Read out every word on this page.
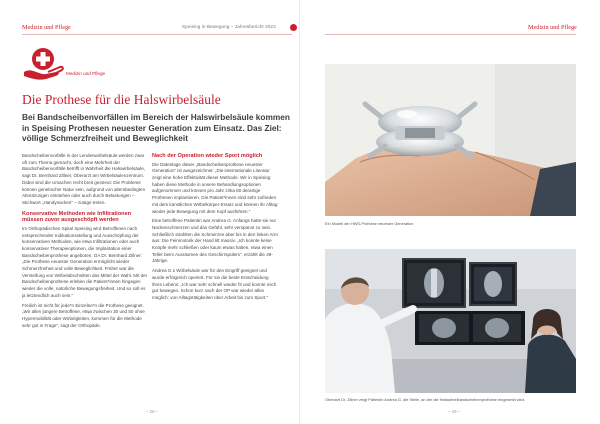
Medizin und Pflege	Speising in Bewegung – Jahresbericht 2023
Medizin und Pflege
Die Prothese für die Halswirbelsäule

Bei Bandscheibenvorfällen im Bereich der Halswirbelsäule kommen in Speising Prothesen neuester Generation zum Einsatz. Das Ziel: völlige Schmerzfreiheit und Beweglichkeit

Bandscheibenvorfälle in der Lendenwirbelsäule werden zwar oft zum Thema gemacht, doch eine Mehrheit der Bandscheibenvorfälle betrifft in Wahrheit die Halswirbelsäule, sagt Dr. Bernhard Zillner, Oberarzt am Wirbelsäulenzentrum. Dabei sind die Ursachen recht breit gestreut: Die Probleme können genetischer Natur sein, aufgrund von altersbedingten Abnützungen entstehen oder auch durch Belastungen – Stichwort „Handynacken“ – zutage treten.

Konservative Methoden wie Infiltrationen müssen zuvor ausgeschöpft werden

Im Orthopädischen Spital Speising wird Betroffenen nach entsprechender Indikationsstellung und Ausschöpfung der konservativen Methoden, wie etwa Infiltrationen oder auch konservativer Therapieoptionen, die Implantation einer Bandscheibenprothese angeboten. OA Dr. Bernhard Zillner: „Die Prothese neuester Generation ermöglicht wieder Schmerzfreiheit und volle Beweglichkeit. Früher war die Versteifung von Wirbelabschnitten das Mittel der Wahl. Mit der Bandscheibenprothese erleben die Patient*innen hingegen wieder die volle, natürliche Bewegungsfreiheit. Und so soll es ja letztendlich auch sein.“

Freilich ist nicht für jede*n Einzelne*n die Prothese geeignet. „Wir allen jüngere Betroffene, etwa zwischen 30 und 50 ohne Hypermobilität oder Wirbelgleiten, kommen für die Methode sehr gut in Frage“, sagt der Orthopäde.

Nach der Operation wieder Sport möglich

Die Datenlage dieser „Bandscheibenprothese neuester Generation“ ist ausgezeichnet: „Die internationale Literatur zeigt eine hohe Effektivität dieser Methode. Wir in Speising haben diese Methode in unsere Behandlungsoptionen aufgenommen und können pro Jahr zirka 80 derartige Prothesen implantieren. Die Patient*innen sind sehr zufrieden mit dem künstlichen Wirbelkörper-Ersatz und können ihr Alltag wieder jede Bewegung mit dem Kopf ausführen.“

Eine betroffene Patientin war Andrea G. Anfangs hatte sie nur Nackenschmerzen und das Gefühl, sehr verspannt zu sein. Schließlich strahlten die Schmerzen aber bis in den linken Arm aus: Die Feinmotorik der Hand litt massiv. „Ich konnte keine Knöpfe mehr schließen oder kaum etwas halten, etwa einen Teller beim Ausräumen des Geschirrspülers“, erzählt die 49-Jährige.

Andrea G.s Wirbelsäule war für den Eingriff geeignet und wurde erfolgreich operiert. Für sie die beste Entscheidung ihres Lebens: „Ich war sehr schnell wieder fit und konnte mich gut bewegen. Schon kurz nach der OP war wieder alles möglich: von Alltagstätigkeiten über Arbeit bis zum Sport.“

– 28 –
Medizin und Pflege
Ein Modell der HWS-Prothese neuester Generation
Oberarzt Dr. Zillner zeigt Patientin Andrea G. die Stelle, an der die Halswirbelbandscheibenprothese eingesetzt wird.
– 29 –
